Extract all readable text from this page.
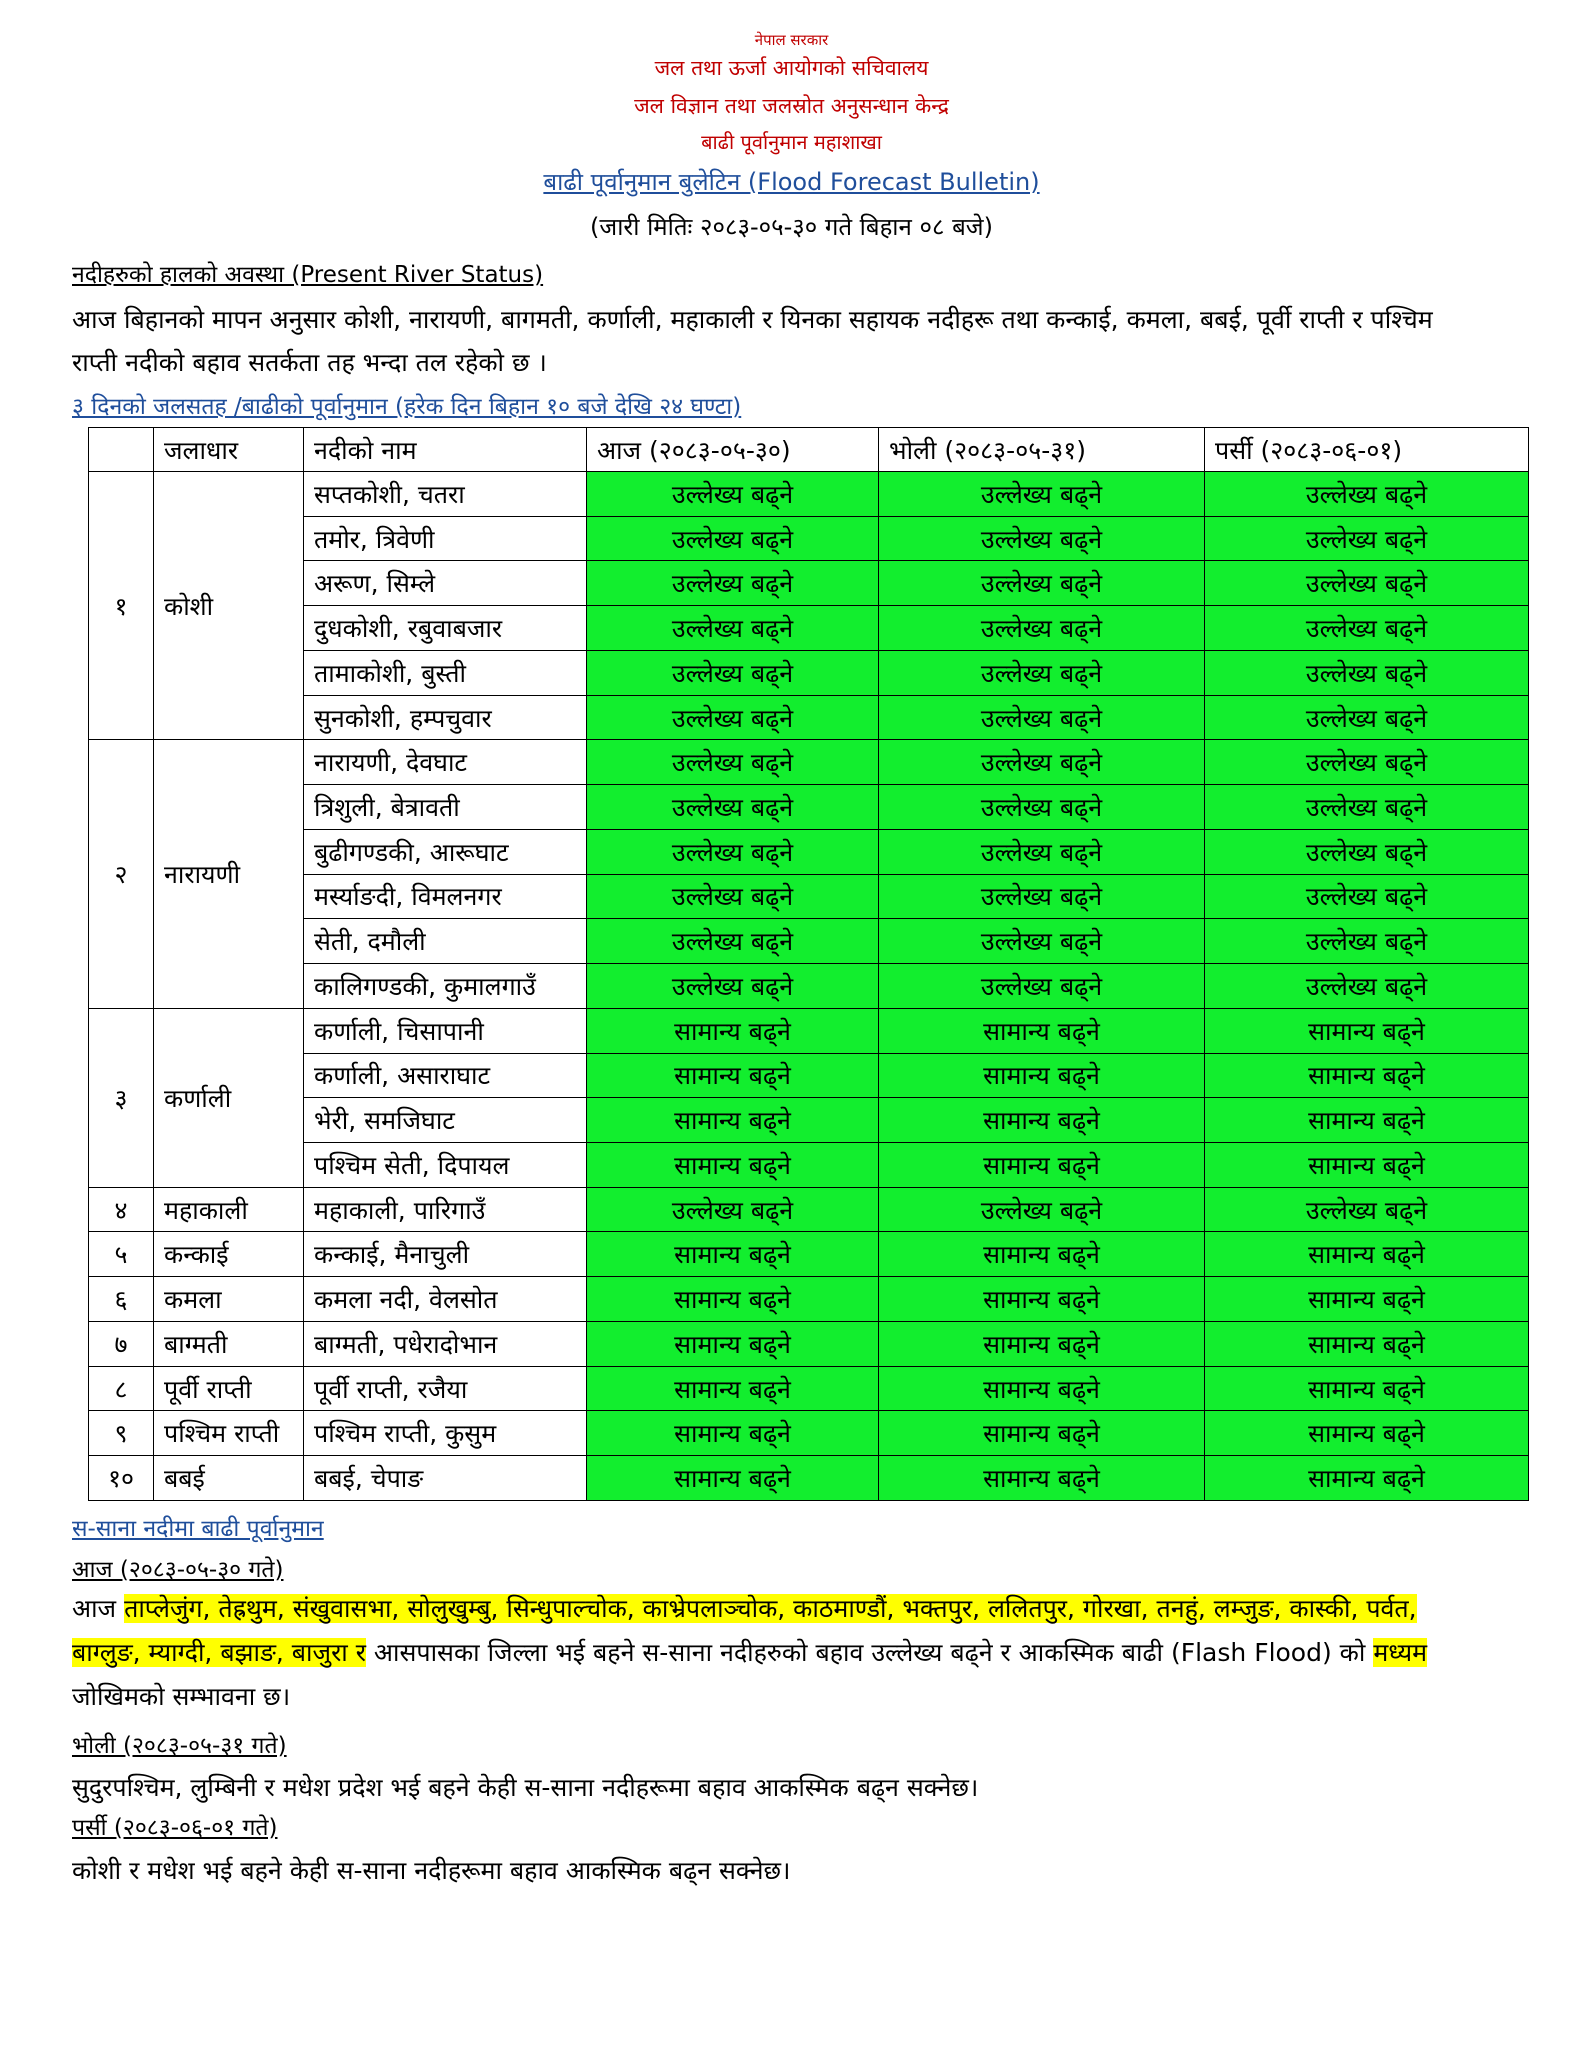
नेपाल सरकार
जल तथा ऊर्जा आयोगको सचिवालय
जल विज्ञान तथा जलस्रोत अनुसन्धान केन्द्र
बाढी पूर्वानुमान महाशाखा
बाढी पूर्वानुमान बुलेटिन (Flood Forecast Bulletin)
(जारी मितिः २०८३-०५-३० गते बिहान ०८ बजे)
नदीहरुको हालको अवस्था (Present River Status)
आज बिहानको मापन अनुसार कोशी, नारायणी, बागमती, कर्णाली, महाकाली र यिनका सहायक नदीहरू तथा कन्काई, कमला, बबई, पूर्वी राप्ती र पश्चिम राप्ती नदीको बहाव सतर्कता तह भन्दा तल रहेको छ ।
३ दिनको जलसतह /बाढीको पूर्वानुमान (हरेक दिन बिहान १० बजे देखि २४ घण्टा)
	जलाधार	नदीको नाम	आज (२०८३-०५-३०)	भोली (२०८३-०५-३१)	पर्सी (२०८३-०६-०१)
१	कोशी	सप्तकोशी, चतरा	उल्लेख्य बढ्ने	उल्लेख्य बढ्ने	उल्लेख्य बढ्ने
		तमोर, त्रिवेणी	उल्लेख्य बढ्ने	उल्लेख्य बढ्ने	उल्लेख्य बढ्ने
		अरूण, सिम्ले	उल्लेख्य बढ्ने	उल्लेख्य बढ्ने	उल्लेख्य बढ्ने
		दुधकोशी, रबुवाबजार	उल्लेख्य बढ्ने	उल्लेख्य बढ्ने	उल्लेख्य बढ्ने
		तामाकोशी, बुस्ती	उल्लेख्य बढ्ने	उल्लेख्य बढ्ने	उल्लेख्य बढ्ने
		सुनकोशी, हम्पचुवार	उल्लेख्य बढ्ने	उल्लेख्य बढ्ने	उल्लेख्य बढ्ने
२	नारायणी	नारायणी, देवघाट	उल्लेख्य बढ्ने	उल्लेख्य बढ्ने	उल्लेख्य बढ्ने
		त्रिशुली, बेत्रावती	उल्लेख्य बढ्ने	उल्लेख्य बढ्ने	उल्लेख्य बढ्ने
		बुढीगण्डकी, आरूघाट	उल्लेख्य बढ्ने	उल्लेख्य बढ्ने	उल्लेख्य बढ्ने
		मर्स्याङदी, विमलनगर	उल्लेख्य बढ्ने	उल्लेख्य बढ्ने	उल्लेख्य बढ्ने
		सेती, दमौली	उल्लेख्य बढ्ने	उल्लेख्य बढ्ने	उल्लेख्य बढ्ने
		कालिगण्डकी, कुमालगाउँ	उल्लेख्य बढ्ने	उल्लेख्य बढ्ने	उल्लेख्य बढ्ने
३	कर्णाली	कर्णाली, चिसापानी	सामान्य बढ्ने	सामान्य बढ्ने	सामान्य बढ्ने
		कर्णाली, असाराघाट	सामान्य बढ्ने	सामान्य बढ्ने	सामान्य बढ्ने
		भेरी, समजिघाट	सामान्य बढ्ने	सामान्य बढ्ने	सामान्य बढ्ने
		पश्चिम सेती, दिपायल	सामान्य बढ्ने	सामान्य बढ्ने	सामान्य बढ्ने
४	महाकाली	महाकाली, पारिगाउँ	उल्लेख्य बढ्ने	उल्लेख्य बढ्ने	उल्लेख्य बढ्ने
५	कन्काई	कन्काई, मैनाचुली	सामान्य बढ्ने	सामान्य बढ्ने	सामान्य बढ्ने
६	कमला	कमला नदी, वेलसोत	सामान्य बढ्ने	सामान्य बढ्ने	सामान्य बढ्ने
७	बाग्मती	बाग्मती, पधेरादोभान	सामान्य बढ्ने	सामान्य बढ्ने	सामान्य बढ्ने
८	पूर्वी राप्ती	पूर्वी राप्ती, रजैया	सामान्य बढ्ने	सामान्य बढ्ने	सामान्य बढ्ने
९	पश्चिम राप्ती	पश्चिम राप्ती, कुसुम	सामान्य बढ्ने	सामान्य बढ्ने	सामान्य बढ्ने
१०	बबई	बबई, चेपाङ	सामान्य बढ्ने	सामान्य बढ्ने	सामान्य बढ्ने
स-साना नदीमा बाढी पूर्वानुमान
आज (२०८३-०५-३० गते)
आज ताप्लेजुंग, तेह्रथुम, संखुवासभा, सोलुखुम्बु, सिन्धुपाल्चोक, काभ्रेपलाञ्चोक, काठमाण्डौं, भक्तपुर, ललितपुर, गोरखा, तनहुं, लम्जुङ, कास्की, पर्वत, बाग्लुङ, म्याग्दी, बझाङ, बाजुरा र आसपासका जिल्ला भई बहने स-साना नदीहरुको बहाव उल्लेख्य बढ्ने र आकस्मिक बाढी (Flash Flood) को मध्यम जोखिमको सम्भावना छ।
भोली (२०८३-०५-३१ गते)
सुदुरपश्चिम, लुम्बिनी र मधेश प्रदेश भई बहने केही स-साना नदीहरूमा बहाव आकस्मिक बढ्न सक्नेछ।
पर्सी (२०८३-०६-०१ गते)
कोशी र मधेश भई बहने केही स-साना नदीहरूमा बहाव आकस्मिक बढ्न सक्नेछ।
